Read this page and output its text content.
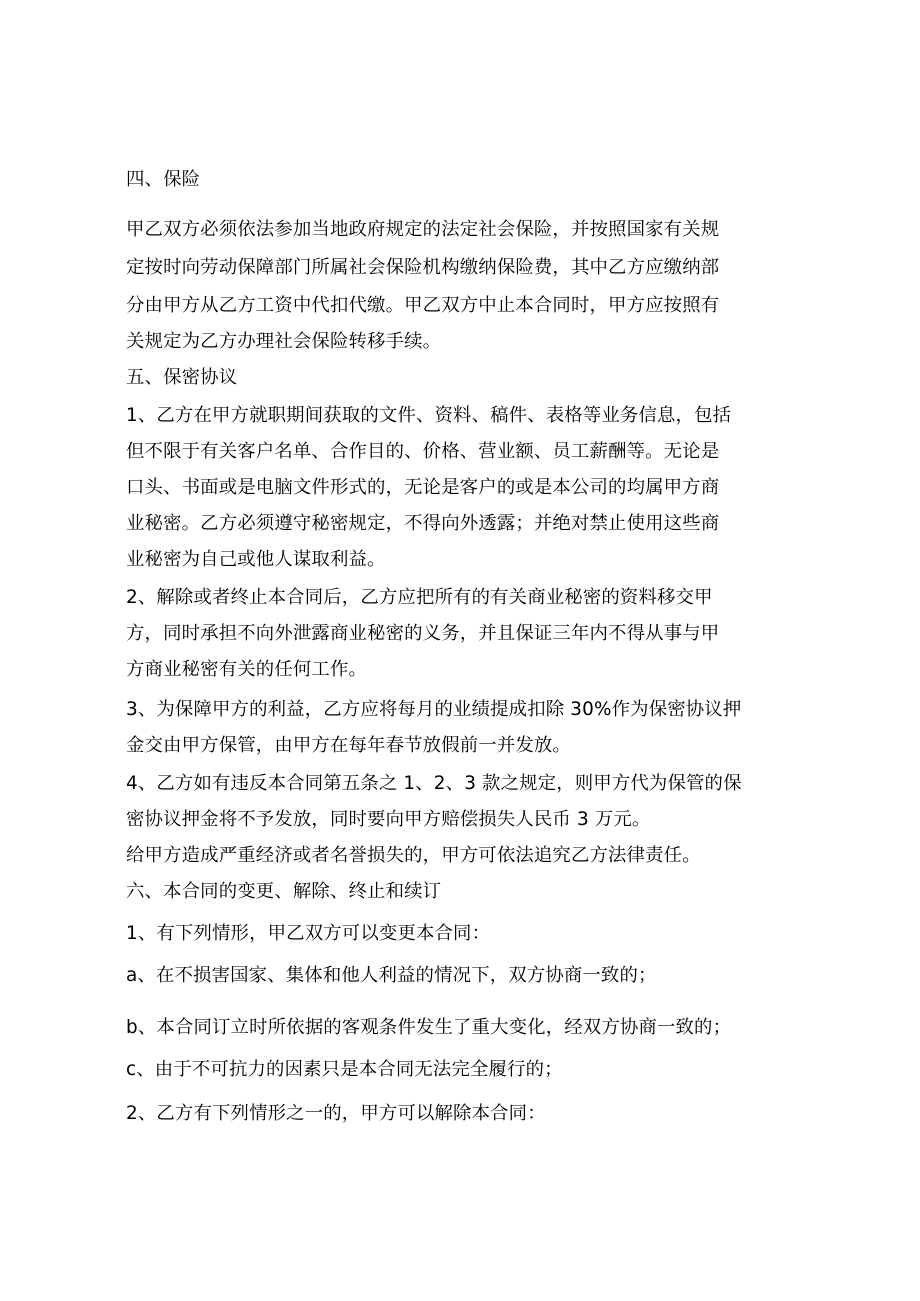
四、保险

甲乙双方必须依法参加当地政府规定的法定社会保险，并按照国家有关规

定按时向劳动保障部门所属社会保险机构缴纳保险费，其中乙方应缴纳部

分由甲方从乙方工资中代扣代缴。甲乙双方中止本合同时，甲方应按照有

关规定为乙方办理社会保险转移手续。

五、保密协议

1、乙方在甲方就职期间获取的文件、资料、稿件、表格等业务信息，包括

但不限于有关客户名单、合作目的、价格、营业额、员工薪酬等。无论是

口头、书面或是电脑文件形式的，无论是客户的或是本公司的均属甲方商

业秘密。乙方必须遵守秘密规定，不得向外透露；并绝对禁止使用这些商

业秘密为自己或他人谋取利益。

2、解除或者终止本合同后，乙方应把所有的有关商业秘密的资料移交甲

方，同时承担不向外泄露商业秘密的义务，并且保证三年内不得从事与甲

方商业秘密有关的任何工作。

3、为保障甲方的利益，乙方应将每月的业绩提成扣除 30%作为保密协议押

金交由甲方保管，由甲方在每年春节放假前一并发放。

4、乙方如有违反本合同第五条之 1、2、3 款之规定，则甲方代为保管的保

密协议押金将不予发放，同时要向甲方赔偿损失人民币 3 万元。

给甲方造成严重经济或者名誉损失的，甲方可依法追究乙方法律责任。

六、本合同的变更、解除、终止和续订

1、有下列情形，甲乙双方可以变更本合同：

a、在不损害国家、集体和他人利益的情况下，双方协商一致的；

b、本合同订立时所依据的客观条件发生了重大变化，经双方协商一致的；

c、由于不可抗力的因素只是本合同无法完全履行的；

2、乙方有下列情形之一的，甲方可以解除本合同：
